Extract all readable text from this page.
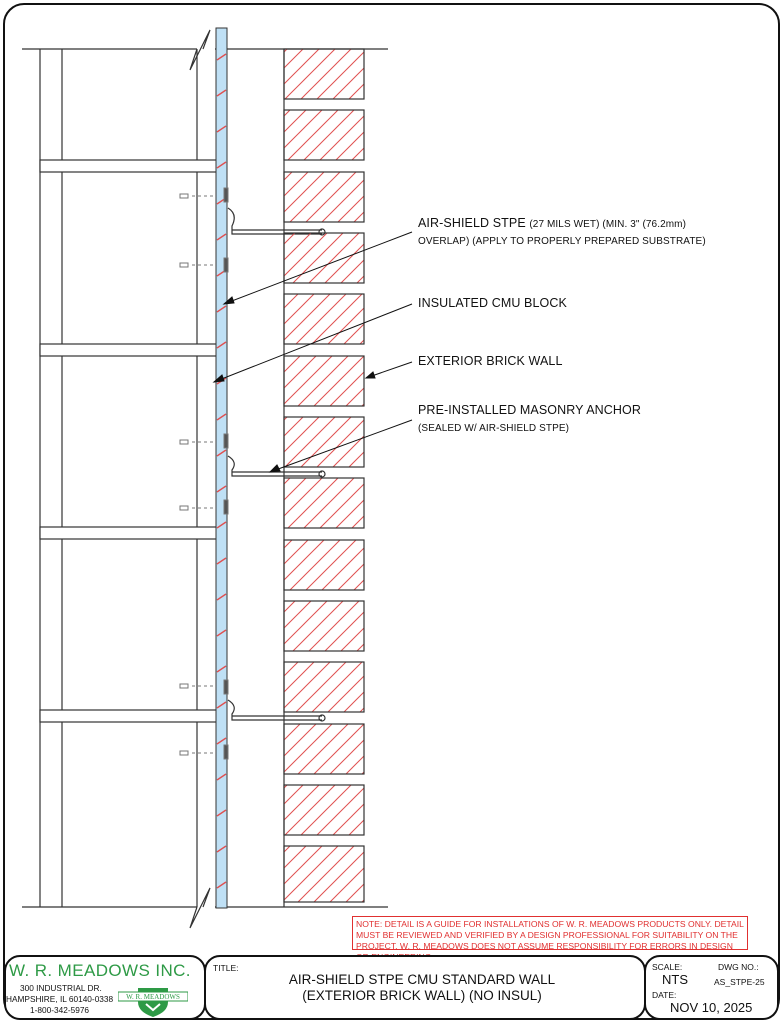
AIR-SHIELD STPE (27 MILS WET) (MIN. 3" (76.2mm)
OVERLAP) (APPLY TO PROPERLY PREPARED SUBSTRATE)
INSULATED CMU BLOCK
EXTERIOR BRICK WALL
PRE-INSTALLED MASONRY ANCHOR
(SEALED W/ AIR-SHIELD STPE)
NOTE: DETAIL IS A GUIDE FOR INSTALLATIONS OF W. R. MEADOWS PRODUCTS ONLY. DETAIL MUST BE REVIEWED AND VERIFIED BY A DESIGN PROFESSIONAL FOR SUITABILITY ON THE PROJECT. W. R. MEADOWS DOES NOT ASSUME RESPONSIBILITY FOR ERRORS IN DESIGN
W. R. MEADOWS INC.
300 INDUSTRIAL DR.
HAMPSHIRE, IL 60140-0338
1-800-342-5976
W. R. MEADOWS
TITLE:
AIR-SHIELD STPE CMU STANDARD WALL
(EXTERIOR BRICK WALL) (NO INSUL)
SCALE:
NTS
DWG NO.:
AS_STPE-25
DATE:
NOV 10, 2025
